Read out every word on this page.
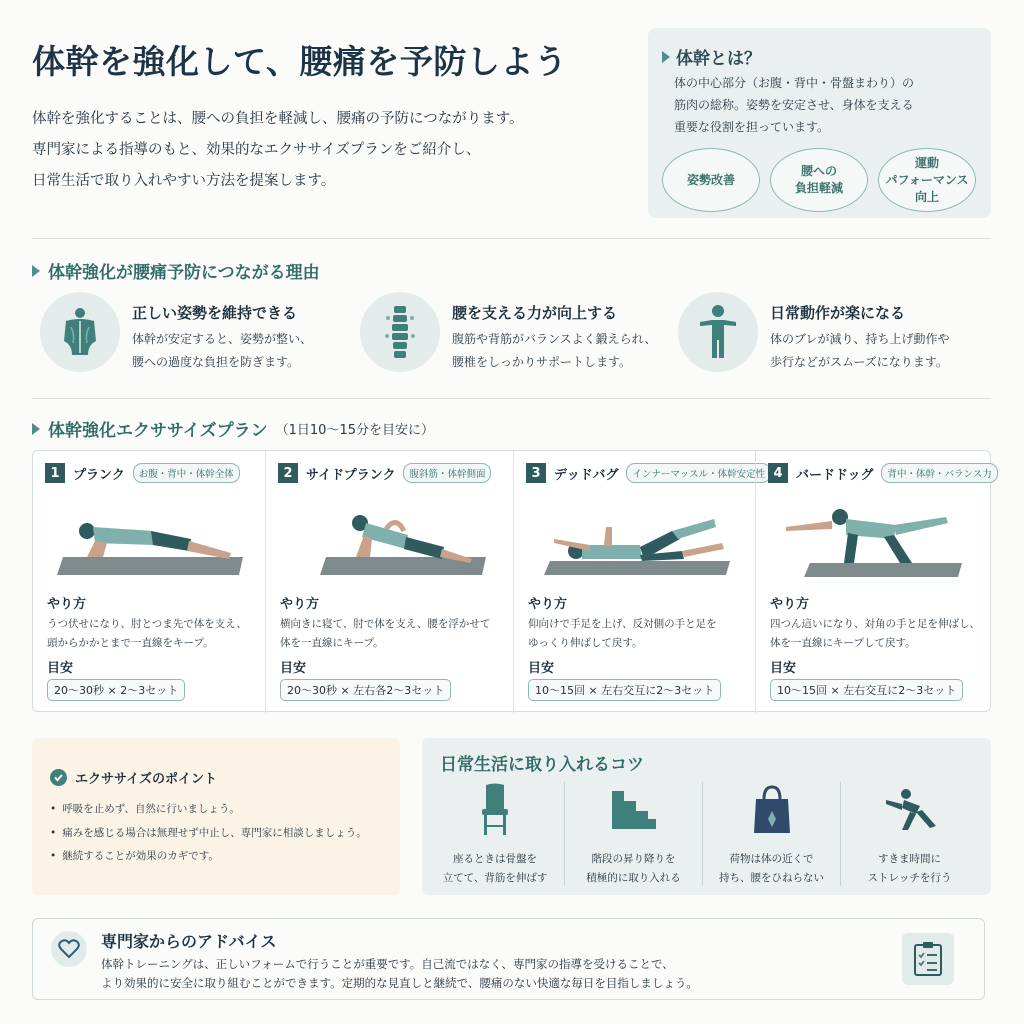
体幹を強化して、腰痛を予防しよう

体幹を強化することは、腰への負担を軽減し、腰痛の予防につながります。

専門家による指導のもと、効果的なエクササイズプランをご紹介し、

日常生活で取り入れやすい方法を提案します。

体幹とは？

体の中心部分（お腹・背中・骨盤まわり）の

筋肉の総称。姿勢を安定させ、身体を支える

重要な役割を担っています。

姿勢改善
腰への
負担軽減
運動
パフォーマンス
向上
体幹強化が腰痛予防につながる理由
正しい姿勢を維持できる
体幹が安定すると、姿勢が整い、
腰への過度な負担を防ぎます。
腰を支える力が向上する
腹筋や背筋がバランスよく鍛えられ、
腰椎をしっかりサポートします。
日常動作が楽になる
体のブレが減り、持ち上げ動作や
歩行などがスムーズになります。
体幹強化エクササイズプラン （1日10〜15分を目安に）
1	プランク	お腹・背中・体幹全体
やり方
うつ伏せになり、肘とつま先で体を支え、
頭からかかとまで一直線をキープ。
目安
20〜30秒 × 2〜3セット
2	サイドプランク	腹斜筋・体幹側面
やり方
横向きに寝て、肘で体を支え、腰を浮かせて
体を一直線にキープ。
目安
20〜30秒 × 左右各2〜3セット
3	デッドバグ	インナーマッスル・体幹安定性
やり方
仰向けで手足を上げ、反対側の手と足を
ゆっくり伸ばして戻す。
目安
10〜15回 × 左右交互に2〜3セット
4	バードドッグ	背中・体幹・バランス力
やり方
四つん這いになり、対角の手と足を伸ばし、
体を一直線にキープして戻す。
目安
10〜15回 × 左右交互に2〜3セット
エクササイズのポイント
• 呼吸を止めず、自然に行いましょう。
• 痛みを感じる場合は無理せず中止し、専門家に相談しましょう。
• 継続することが効果のカギです。
日常生活に取り入れるコツ
座るときは骨盤を
立てて、背筋を伸ばす
階段の昇り降りを
積極的に取り入れる
荷物は体の近くで
持ち、腰をひねらない
すきま時間に
ストレッチを行う
専門家からのアドバイス
体幹トレーニングは、正しいフォームで行うことが重要です。自己流ではなく、専門家の指導を受けることで、
より効果的に安全に取り組むことができます。定期的な見直しと継続で、腰痛のない快適な毎日を目指しましょう。
